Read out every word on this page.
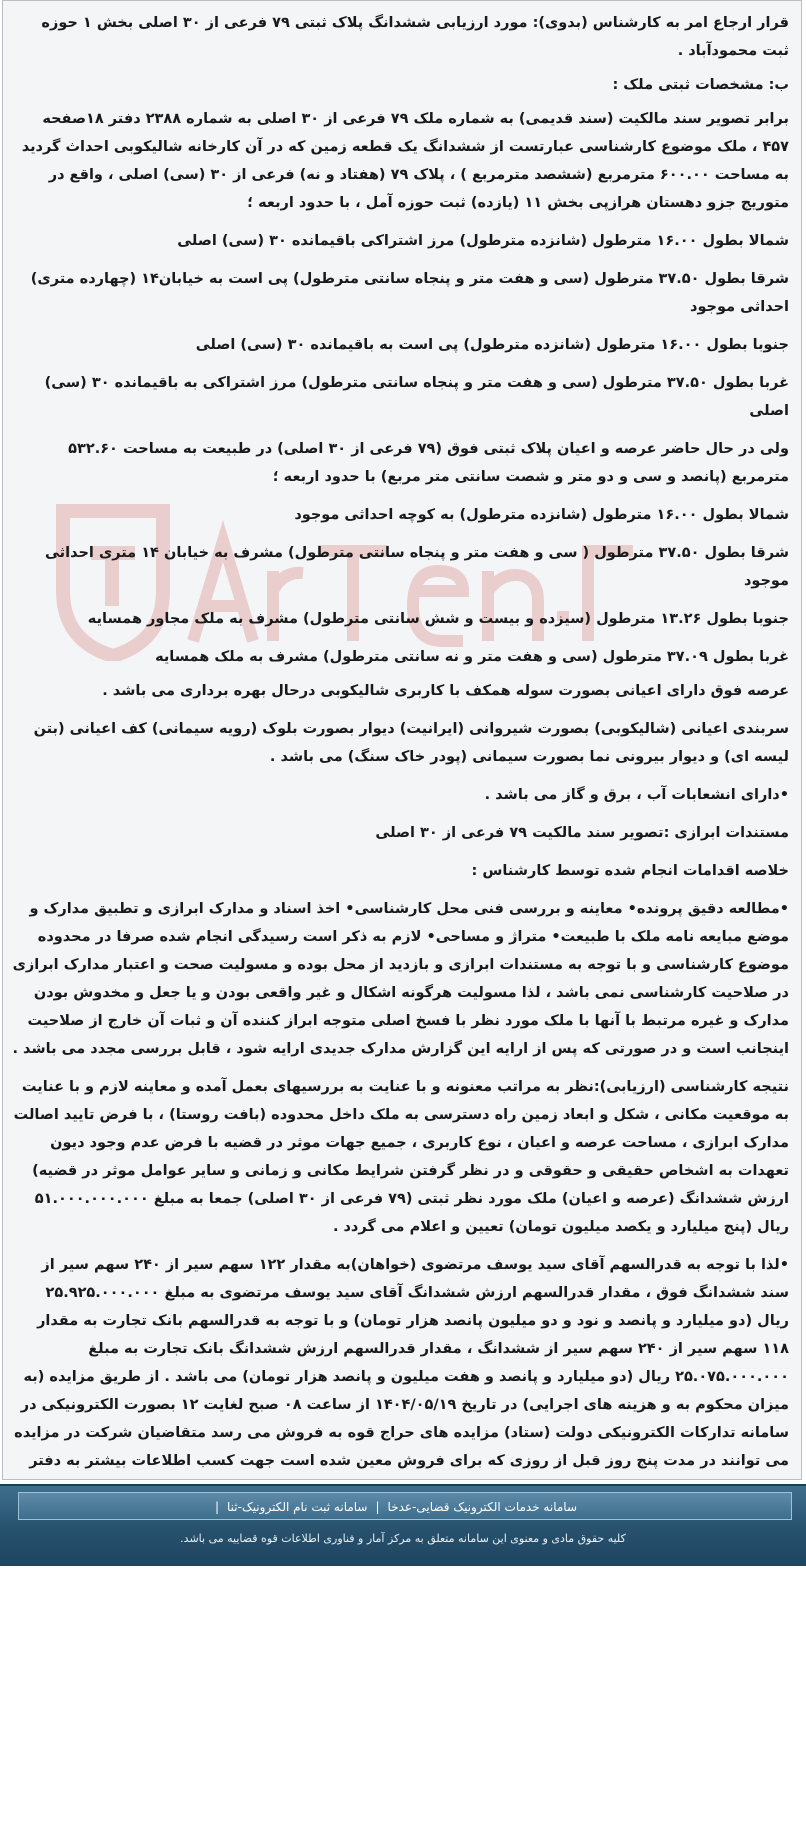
قرار ارجاع امر به کارشناس (بدوی): مورد ارزیابی ششدانگ پلاک ثبتی ۷۹ فرعی از ۳۰ اصلی بخش ۱ حوزه ثبت محمودآباد .

ب: مشخصات ثبتی ملک :

برابر تصویر سند مالکیت (سند قدیمی) به شماره ملک ۷۹ فرعی از ۳۰ اصلی به شماره ۲۳۸۸ دفتر ۱۸صفحه ۴۵۷ ، ملک موضوع کارشناسی عبارتست از ششدانگ یک قطعه زمین که در آن کارخانه شالیکوبی احداث گردید به مساحت ۶۰۰.۰۰ مترمربع (ششصد مترمربع ) ، پلاک ۷۹ (هفتاد و نه) فرعی از ۳۰ (سی) اصلی ، واقع در متوریج جزو دهستان هرازپی بخش ۱۱ (یازده) ثبت حوزه آمل ، با حدود اربعه ؛

شمالا بطول ۱۶.۰۰ مترطول (شانزده مترطول) مرز اشتراکی باقیمانده ۳۰ (سی) اصلی

شرقا بطول ۳۷.۵۰ مترطول (سی و هفت متر و پنجاه سانتی مترطول) پی است به خیابان۱۴ (چهارده متری) احداثی موجود

جنوبا بطول ۱۶.۰۰ مترطول (شانزده مترطول) پی است به باقیمانده ۳۰ (سی) اصلی

غربا بطول ۳۷.۵۰ مترطول (سی و هفت متر و پنجاه سانتی مترطول) مرز اشتراکی به باقیمانده ۳۰ (سی) اصلی

ولی در حال حاضر عرصه و اعیان پلاک ثبتی فوق (۷۹ فرعی از ۳۰ اصلی) در طبیعت به مساحت ۵۳۲.۶۰ مترمربع (پانصد و سی و دو متر و شصت سانتی متر مربع) با حدود اربعه ؛

شمالا بطول ۱۶.۰۰ مترطول (شانزده مترطول) به کوچه احداثی موجود

شرقا بطول ۳۷.۵۰ مترطول ( سی و هفت متر و پنجاه سانتی مترطول) مشرف به خیابان ۱۴ متری احداثی موجود

جنوبا بطول ۱۳.۲۶ مترطول (سیزده و بیست و شش سانتی مترطول) مشرف به ملک مجاور همسایه

غربا بطول ۳۷.۰۹ مترطول (سی و هفت متر و نه سانتی مترطول) مشرف به ملک همسایه

عرصه فوق دارای اعیانی بصورت سوله همکف با کاربری شالیکوبی درحال بهره برداری می باشد .

سربندی اعیانی (شالیکوبی) بصورت شیروانی (ایرانیت) دیوار بصورت بلوک (رویه سیمانی) کف اعیانی (بتن لیسه ای) و دیوار بیرونی نما بصورت سیمانی (پودر خاک سنگ) می باشد .

•دارای انشعابات آب ، برق و گاز می باشد .

مستندات ابرازی :تصویر سند مالکیت ۷۹ فرعی از ۳۰ اصلی

خلاصه اقدامات انجام شده توسط کارشناس :

•مطالعه دقیق پرونده• معاینه و بررسی فنی محل کارشناسی• اخذ اسناد و مدارک ابرازی و تطبیق مدارک و موضع مبایعه نامه ملک با طبیعت• متراژ و مساحی• لازم به ذکر است رسیدگی انجام شده صرفا در محدوده موضوع کارشناسی و با توجه به مستندات ابرازی و بازدید از محل بوده و مسولیت صحت و اعتبار مدارک ابرازی در صلاحیت کارشناسی نمی باشد ، لذا مسولیت هرگونه اشکال و غیر واقعی بودن و یا جعل و مخدوش بودن مدارک و غیره مرتبط با آنها با ملک مورد نظر با فسخ اصلی متوجه ابراز کننده آن و ثبات آن خارج از صلاحیت اینجانب است و در صورتی که پس از ارایه این گزارش مدارک جدیدی ارایه شود ، قابل بررسی مجدد می باشد .

نتیجه کارشناسی (ارزیابی):نظر به مراتب معنونه و با عنایت به بررسیهای بعمل آمده و معاینه لازم و با عنایت به موقعیت مکانی ، شکل و ابعاد زمین راه دسترسی به ملک داخل محدوده (بافت روستا) ، با فرض تایید اصالت مدارک ابرازی ، مساحت عرصه و اعیان ، نوع کاربری ، جمیع جهات موثر در قضیه با فرض عدم وجود دیون تعهدات به اشخاص حقیقی و حقوقی و در نظر گرفتن شرایط مکانی و زمانی و سایر عوامل موثر در قضیه) ارزش ششدانگ (عرصه و اعیان) ملک مورد نظر ثبتی (۷۹ فرعی از ۳۰ اصلی) جمعا به مبلغ ۵۱.۰۰۰.۰۰۰.۰۰۰ ریال (پنج میلیارد و یکصد میلیون تومان) تعیین و اعلام می گردد .

•لذا با توجه به قدرالسهم آقای سید یوسف مرتضوی (خواهان)به مقدار ۱۲۲ سهم سیر از ۲۴۰ سهم سیر از سند ششدانگ فوق ، مقدار قدرالسهم ارزش ششدانگ آقای سید یوسف مرتضوی به مبلغ ۲۵.۹۲۵.۰۰۰.۰۰۰ ریال (دو میلیارد و پانصد و نود و دو میلیون پانصد هزار تومان) و با توجه به قدرالسهم بانک تجارت به مقدار ۱۱۸ سهم سیر از ۲۴۰ سهم سیر از ششدانگ ، مقدار قدرالسهم ارزش ششدانگ بانک تجارت به مبلغ ۲۵.۰۷۵.۰۰۰.۰۰۰ ریال (دو میلیارد و پانصد و هفت میلیون و پانصد هزار تومان) می باشد . از طریق مزایده (به میزان محکوم به و هزینه های اجرایی) در تاریخ ۱۴۰۴/۰۵/۱۹ از ساعت ۰۸ صبح لغایت ۱۲ بصورت الکترونیکی در سامانه تدارکات الکترونیکی دولت (ستاد) مزایده های حراج قوه به فروش می رسد متقاضیان شرکت در مزایده می توانند در مدت پنج روز قبل از روزی که برای فروش معین شده است جهت کسب اطلاعات بیشتر به دفتر

سامانه خدمات الکترونیک قضایی-عدخا|سامانه ثبت نام الکترونیک-ثنا|
کلیه حقوق مادی و معنوی این سامانه متعلق به مرکز آمار و فناوری اطلاعات قوه قضاییه می باشد.
